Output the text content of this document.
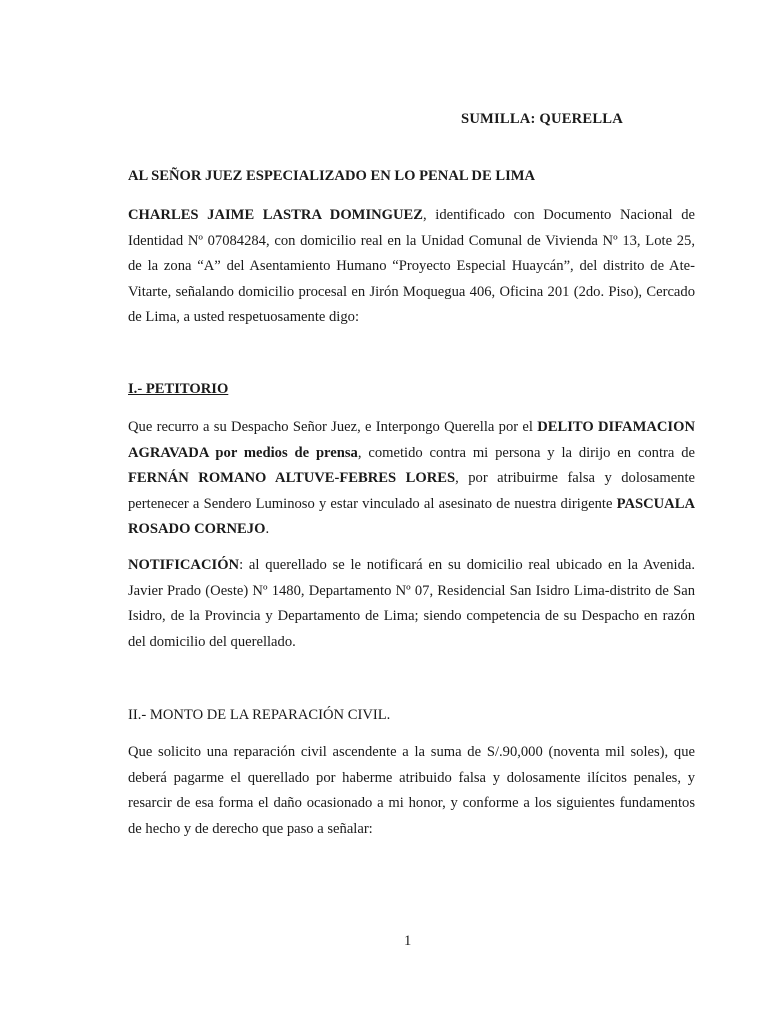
SUMILLA: QUERELLA

AL SEÑOR JUEZ ESPECIALIZADO EN LO PENAL DE LIMA

CHARLES JAIME LASTRA DOMINGUEZ, identificado con Documento Nacional de Identidad Nº 07084284, con domicilio real en la Unidad Comunal de Vivienda Nº 13, Lote 25, de la zona “A” del Asentamiento Humano “Proyecto Especial Huaycán”, del distrito de Ate-Vitarte, señalando domicilio procesal en Jirón Moquegua 406, Oficina 201 (2do. Piso), Cercado de Lima, a usted respetuosamente digo:

I.- PETITORIO

Que recurro a su Despacho Señor Juez, e Interpongo Querella por el DELITO DIFAMACION AGRAVADA por medios de prensa, cometido contra mi persona y la dirijo en contra de FERNÁN ROMANO ALTUVE-FEBRES LORES, por atribuirme falsa y dolosamente pertenecer a Sendero Luminoso y estar vinculado al asesinato de nuestra dirigente PASCUALA ROSADO CORNEJO.

NOTIFICACIÓN: al querellado se le notificará en su domicilio real ubicado en la Avenida. Javier Prado (Oeste) Nº 1480, Departamento Nº 07, Residencial San Isidro Lima-distrito de San Isidro, de la Provincia y Departamento de Lima; siendo competencia de su Despacho en razón del domicilio del querellado.

II.- MONTO DE LA REPARACIÓN CIVIL.

Que solicito una reparación civil ascendente a la suma de S/.90,000 (noventa mil soles), que deberá pagarme el querellado por haberme atribuido falsa y dolosamente ilícitos penales, y resarcir de esa forma el daño ocasionado a mi honor, y conforme a los siguientes fundamentos de hecho y de derecho que paso a señalar:

1
